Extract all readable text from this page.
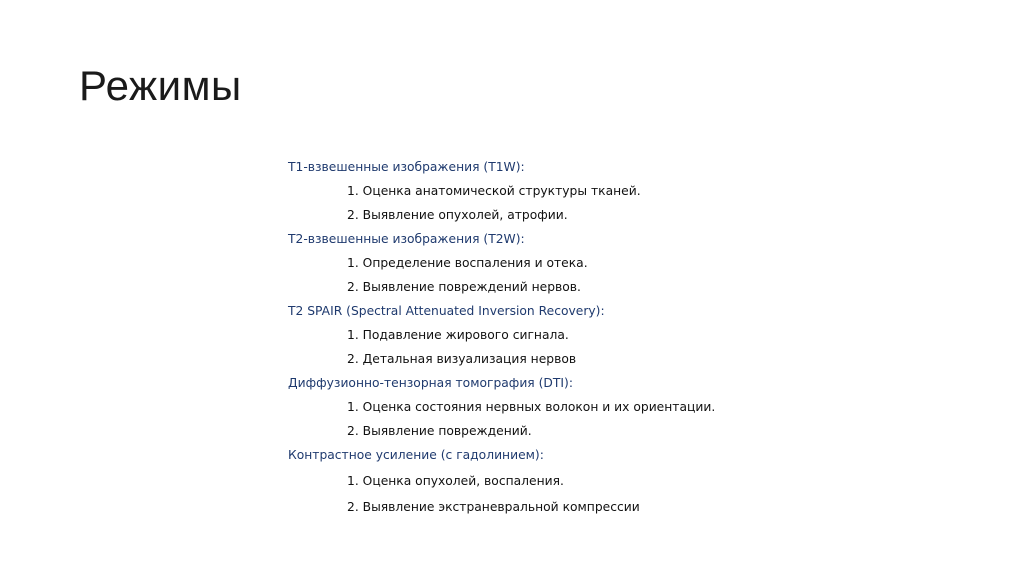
Режимы
T1-взвешенные изображения (T1W):
1. Оценка анатомической структуры тканей.
2. Выявление опухолей, атрофии.
T2-взвешенные изображения (T2W):
1. Определение воспаления и отека.
2. Выявление повреждений нервов.
T2 SPAIR (Spectral Attenuated Inversion Recovery):
1. Подавление жирового сигнала.
2. Детальная визуализация нервов
Диффузионно-тензорная томография (DTI):
1. Оценка состояния нервных волокон и их ориентации.
2. Выявление повреждений.
Контрастное усиление (с гадолинием):
1. Оценка опухолей, воспаления.
2. Выявление экстраневральной компрессии
